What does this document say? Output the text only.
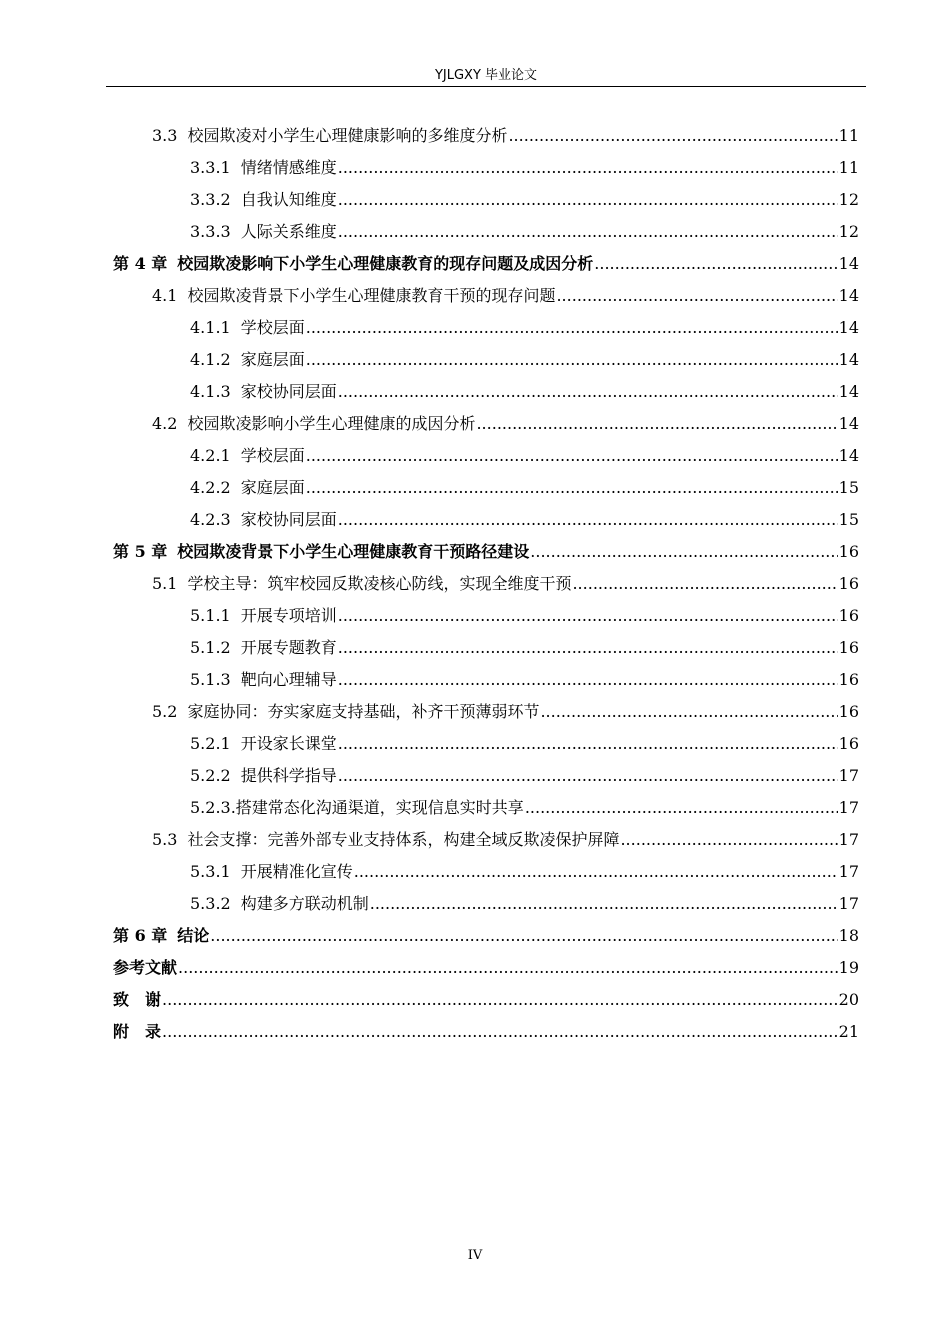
YJLGXY 毕业论文
3.3 校园欺凌对小学生心理健康影响的多维度分析 .....	11
3.3.1 情绪情感维度 .....	11
3.3.2 自我认知维度 .....	12
3.3.3 人际关系维度 .....	12
第 4 章 校园欺凌影响下小学生心理健康教育的现存问题及成因分析 .....	14
4.1 校园欺凌背景下小学生心理健康教育干预的现存问题 .....	14
4.1.1 学校层面 .....	14
4.1.2 家庭层面 .....	14
4.1.3 家校协同层面 .....	14
4.2 校园欺凌影响小学生心理健康的成因分析 .....	14
4.2.1 学校层面 .....	14
4.2.2 家庭层面 .....	15
4.2.3 家校协同层面 .....	15
第 5 章 校园欺凌背景下小学生心理健康教育干预路径建设 .....	16
5.1 学校主导：筑牢校园反欺凌核心防线，实现全维度干预 .....	16
5.1.1 开展专项培训 .....	16
5.1.2 开展专题教育 .....	16
5.1.3 靶向心理辅导 .....	16
5.2 家庭协同：夯实家庭支持基础，补齐干预薄弱环节 .....	16
5.2.1 开设家长课堂 .....	16
5.2.2 提供科学指导 .....	17
5.2.3.搭建常态化沟通渠道，实现信息实时共享 .....	17
5.3 社会支撑：完善外部专业支持体系，构建全域反欺凌保护屏障 .....	17
5.3.1 开展精准化宣传 .....	17
5.3.2 构建多方联动机制 .....	17
第 6 章 结论 .....	18
参考文献 .....	19
致　谢 .....	20
附　录 .....	21
IV
